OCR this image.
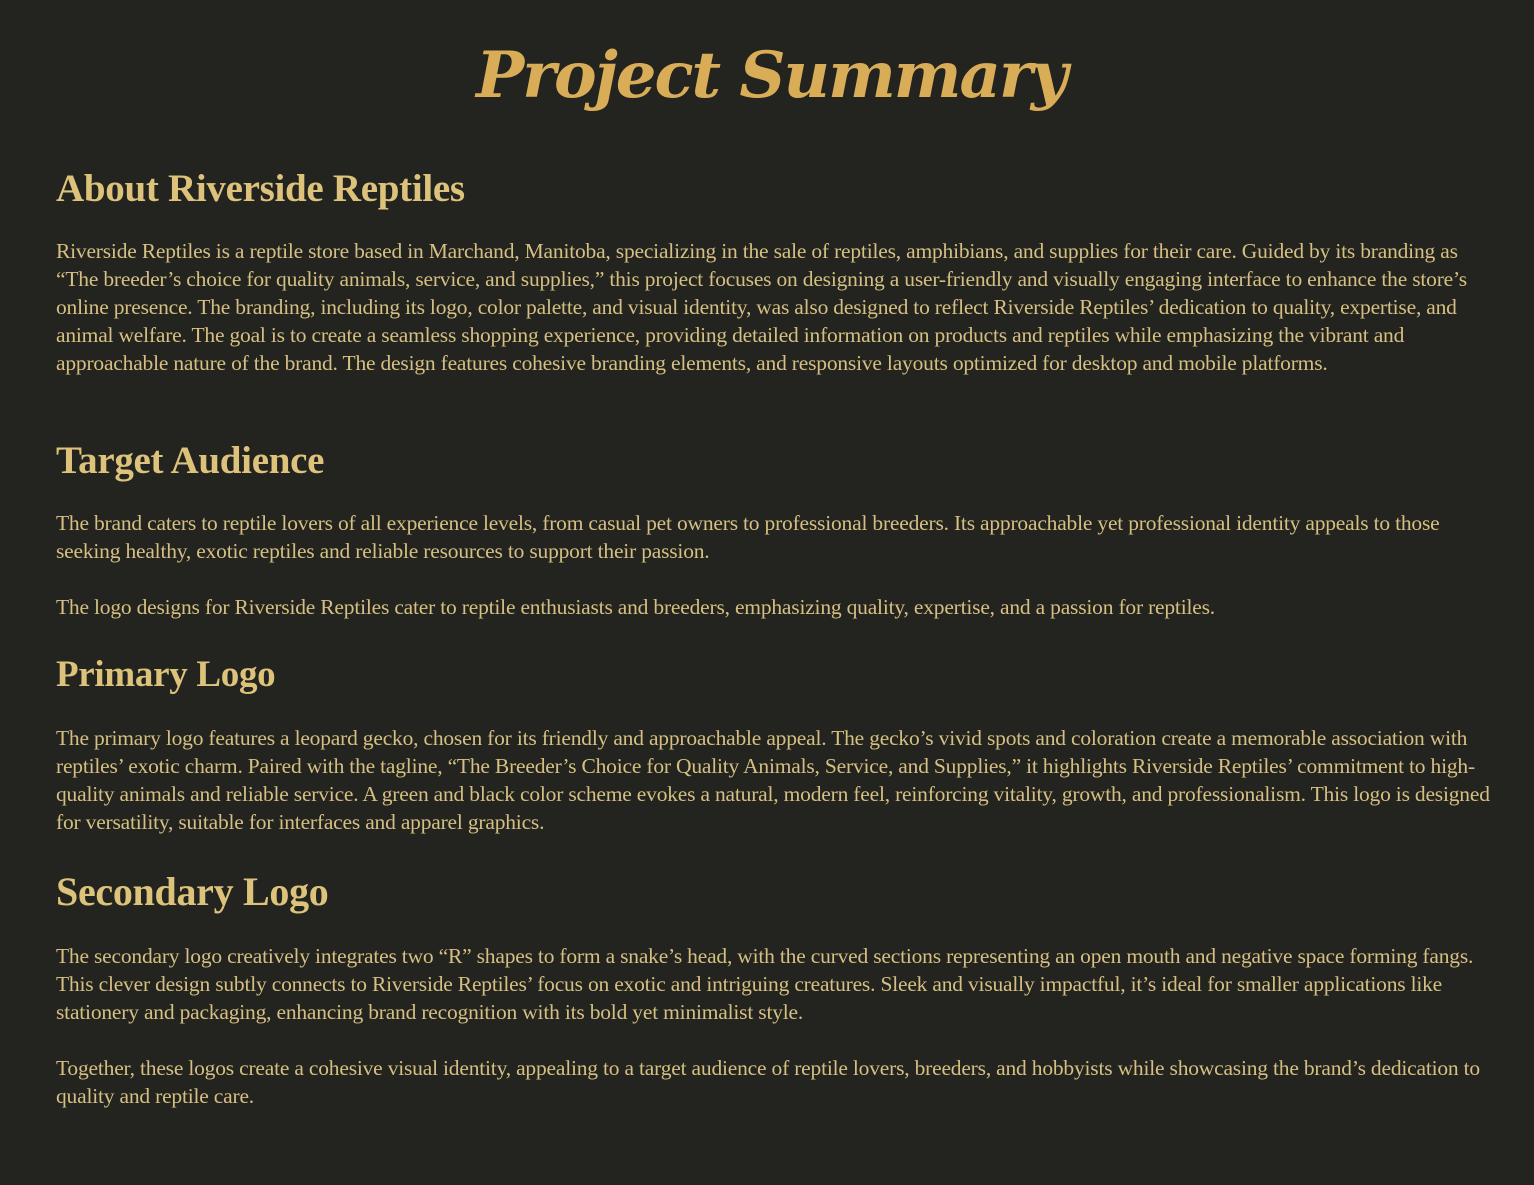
Project Summary
About Riverside Reptiles

Riverside Reptiles is a reptile store based in Marchand, Manitoba, specializing in the sale of reptiles, amphibians, and supplies for their care. Guided by its branding as “The breeder’s choice for quality animals, service, and supplies,” this project focuses on designing a user-friendly and visually engaging interface to enhance the store’s online presence. The branding, including its logo, color palette, and visual identity, was also designed to reflect Riverside Reptiles’ dedication to quality, expertise, and animal welfare. The goal is to create a seamless shopping experience, providing detailed information on products and reptiles while emphasizing the vibrant and approachable nature of the brand. The design features cohesive branding elements, and responsive layouts optimized for desktop and mobile platforms.

Target Audience

The brand caters to reptile lovers of all experience levels, from casual pet owners to professional breeders. Its approachable yet professional identity appeals to those seeking healthy, exotic reptiles and reliable resources to support their passion.

The logo designs for Riverside Reptiles cater to reptile enthusiasts and breeders, emphasizing quality, expertise, and a passion for reptiles.

Primary Logo

The primary logo features a leopard gecko, chosen for its friendly and approachable appeal. The gecko’s vivid spots and coloration create a memorable association with reptiles’ exotic charm. Paired with the tagline, “The Breeder’s Choice for Quality Animals, Service, and Supplies,” it highlights Riverside Reptiles’ commitment to high-quality animals and reliable service. A green and black color scheme evokes a natural, modern feel, reinforcing vitality, growth, and professionalism. This logo is designed for versatility, suitable for interfaces and apparel graphics.

Secondary Logo

The secondary logo creatively integrates two “R” shapes to form a snake’s head, with the curved sections representing an open mouth and negative space forming fangs. This clever design subtly connects to Riverside Reptiles’ focus on exotic and intriguing creatures. Sleek and visually impactful, it’s ideal for smaller applications like stationery and packaging, enhancing brand recognition with its bold yet minimalist style.

Together, these logos create a cohesive visual identity, appealing to a target audience of reptile lovers, breeders, and hobbyists while showcasing the brand’s dedication to quality and reptile care.
